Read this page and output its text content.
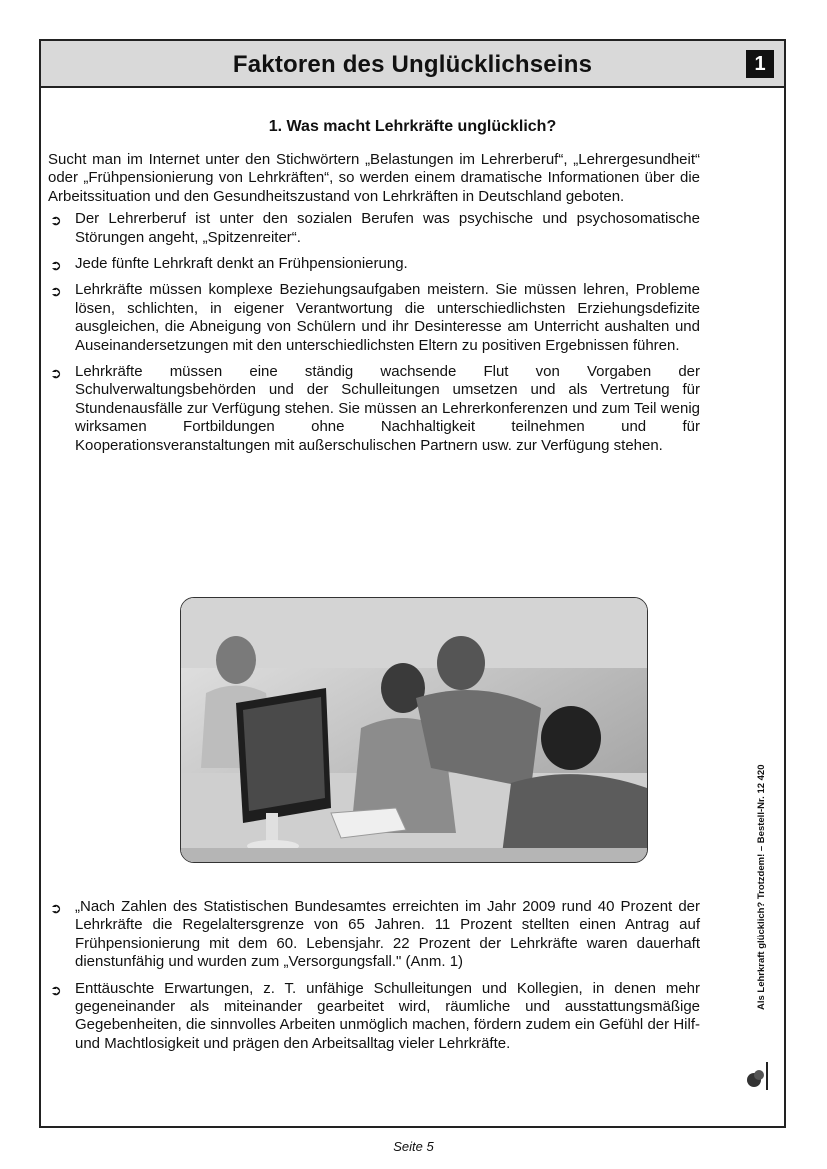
Faktoren des Unglücklichseins	1
1. Was macht Lehrkräfte unglücklich?

Sucht man im Internet unter den Stichwörtern „Belastungen im Lehrerberuf“, „Lehrergesundheit“ oder „Frühpensionierung von Lehrkräften“, so werden einem dramatische Informationen über die Arbeitssituation und den Gesundheitszustand von Lehrkräften in Deutschland geboten.

➲ Der Lehrerberuf ist unter den sozialen Berufen was psychische und psychosomatische Störungen angeht, „Spitzenreiter“.
➲ Jede fünfte Lehrkraft denkt an Frühpensionierung.
➲ Lehrkräfte müssen komplexe Beziehungsaufgaben meistern. Sie müssen lehren, Probleme lösen, schlichten, in eigener Verantwortung die unterschiedlichsten Erziehungsdefizite ausgleichen, die Abneigung von Schülern und ihr Desinteresse am Unterricht aushalten und Auseinandersetzungen mit den unterschiedlichsten Eltern zu positiven Ergebnissen führen.
➲ Lehrkräfte müssen eine ständig wachsende Flut von Vorgaben der Schulverwaltungsbehörden und der Schulleitungen umsetzen und als Vertretung für Stundenausfälle zur Verfügung stehen. Sie müssen an Lehrerkonferenzen und zum Teil wenig wirksamen Fortbildungen ohne Nachhaltigkeit teilnehmen und für Kooperationsveranstaltungen mit außerschulischen Partnern usw. zur Verfügung stehen.
➲ „Nach Zahlen des Statistischen Bundesamtes erreichten im Jahr 2009 rund 40 Prozent der Lehrkräfte die Regelaltersgrenze von 65 Jahren. 11 Prozent stellten einen Antrag auf Frühpensionierung mit dem 60. Lebensjahr. 22 Prozent der Lehrkräfte waren dauerhaft dienstunfähig und wurden zum „Versorgungsfall." (Anm. 1)
➲ Enttäuschte Erwartungen, z. T. unfähige Schulleitungen und Kollegien, in denen mehr gegeneinander als miteinander gearbeitet wird, räumliche und ausstattungsmäßige Gegebenheiten, die sinnvolles Arbeiten unmöglich machen, fördern zudem ein Gefühl der Hilf- und Machtlosigkeit und prägen den Arbeitsalltag vieler Lehrkräfte.
Als Lehrkraft glücklich? Trotzdem! – Bestell-Nr. 12 420
Seite 5
